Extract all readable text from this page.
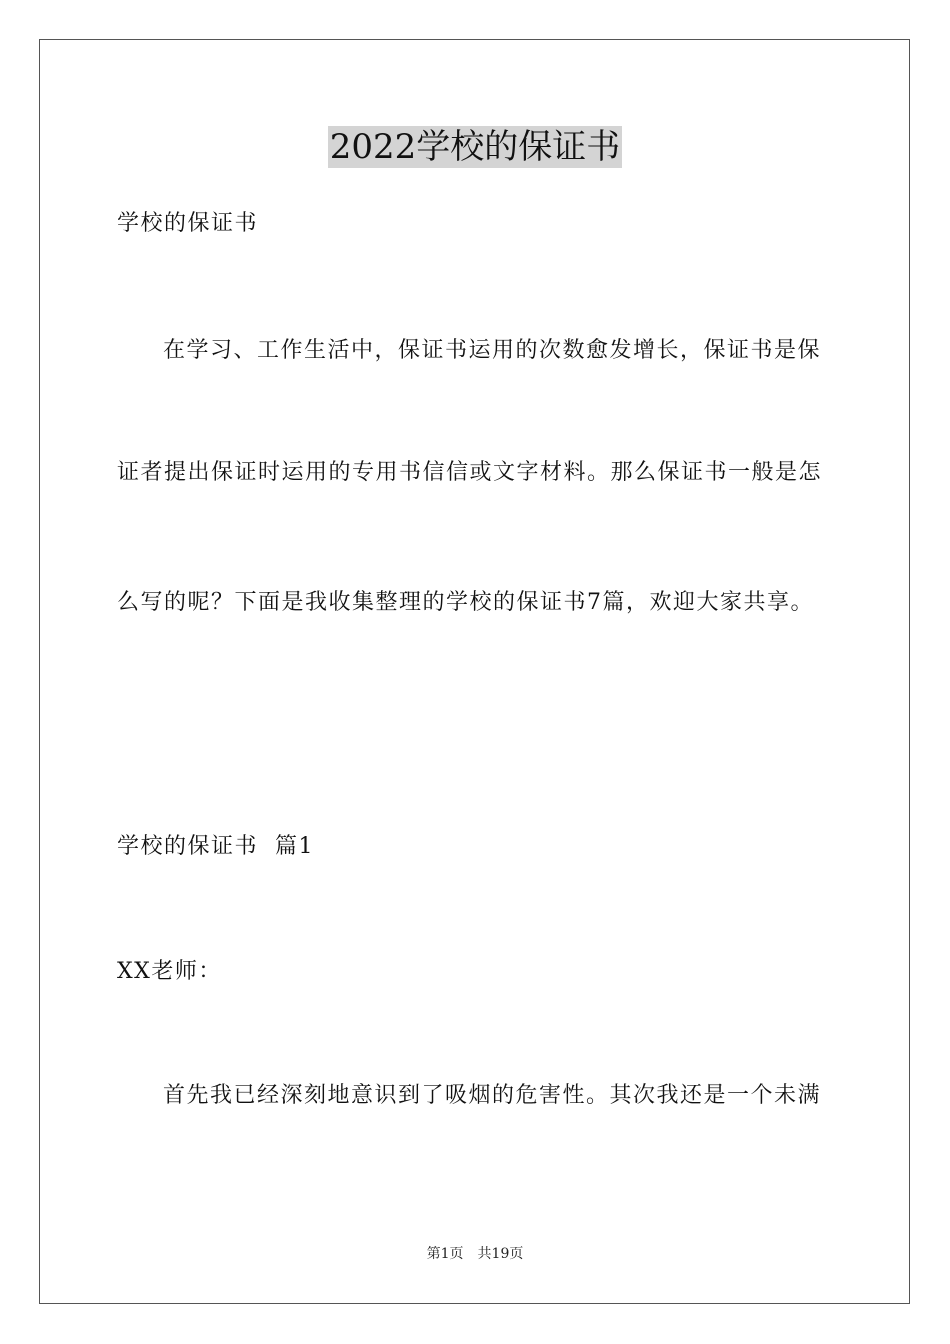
2022学校的保证书
学校的保证书
在学习、工作生活中，保证书运用的次数愈发增长，保证书是保
证者提出保证时运用的专用书信信或文字材料。那么保证书一般是怎
么写的呢？下面是我收集整理的学校的保证书7篇，欢迎大家共享。
学校的保证书  篇1
XX老师：
首先我已经深刻地意识到了吸烟的危害性。其次我还是一个未满
第1页 共19页
